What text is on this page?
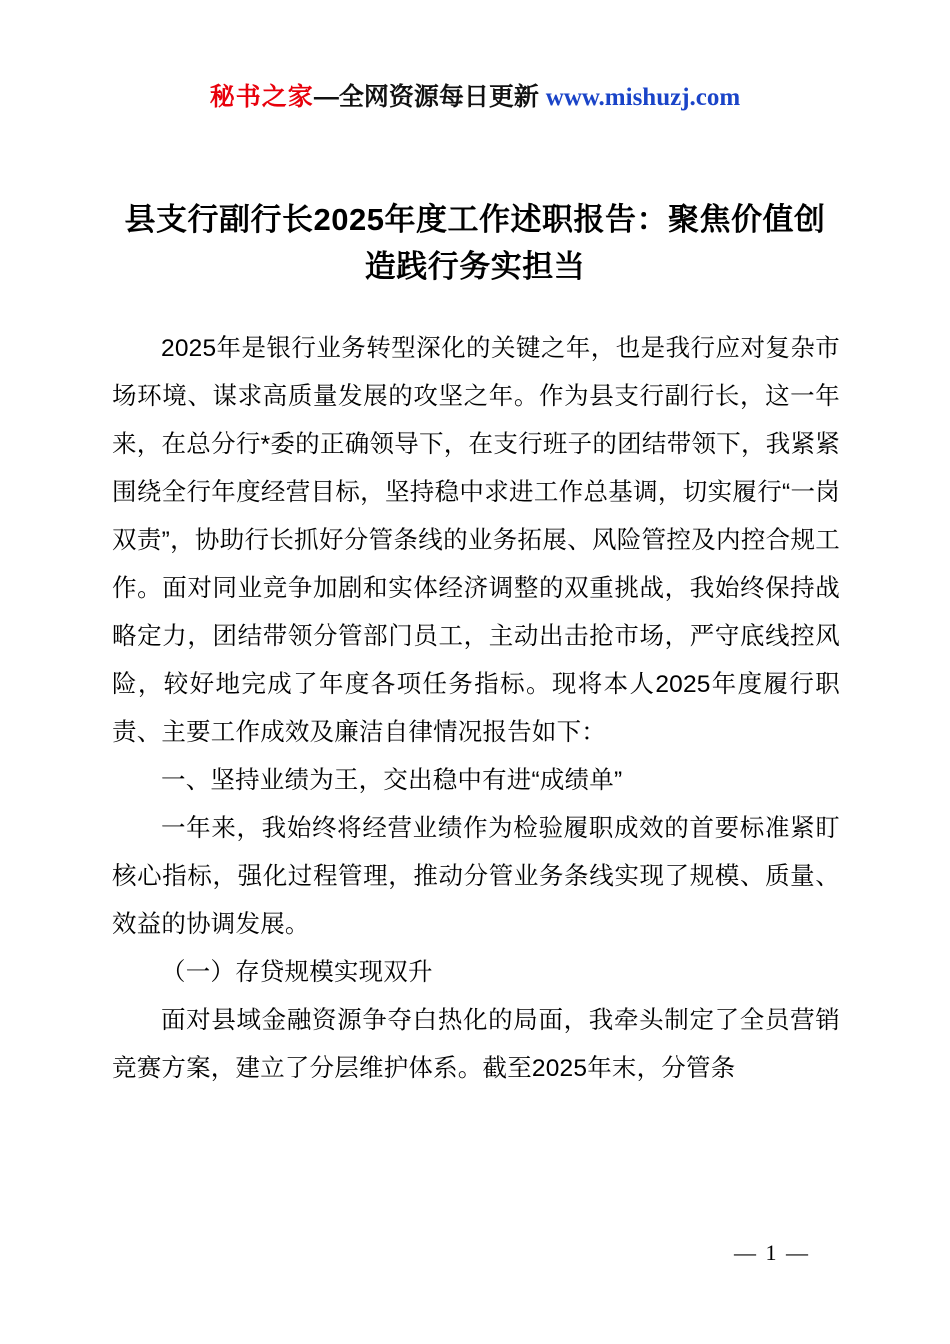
秘书之家—全网资源每日更新 www.mishuzj.com
县支行副行长2025年度工作述职报告：聚焦价值创造践行务实担当

2025年是银行业务转型深化的关键之年，也是我行应对复杂市场环境、谋求高质量发展的攻坚之年。作为县支行副行长，这一年来，在总分行*委的正确领导下，在支行班子的团结带领下，我紧紧围绕全行年度经营目标，坚持稳中求进工作总基调，切实履行“一岗双责”，协助行长抓好分管条线的业务拓展、风险管控及内控合规工作。面对同业竞争加剧和实体经济调整的双重挑战，我始终保持战略定力，团结带领分管部门员工，主动出击抢市场，严守底线控风险，较好地完成了年度各项任务指标。现将本人2025年度履行职责、主要工作成效及廉洁自律情况报告如下：

一、坚持业绩为王，交出稳中有进“成绩单”

一年来，我始终将经营业绩作为检验履职成效的首要标准紧盯核心指标，强化过程管理，推动分管业务条线实现了规模、质量、效益的协调发展。

（一）存贷规模实现双升

面对县域金融资源争夺白热化的局面，我牵头制定了全员营销竞赛方案，建立了分层维护体系。截至2025年末，分管条

— 1 —
